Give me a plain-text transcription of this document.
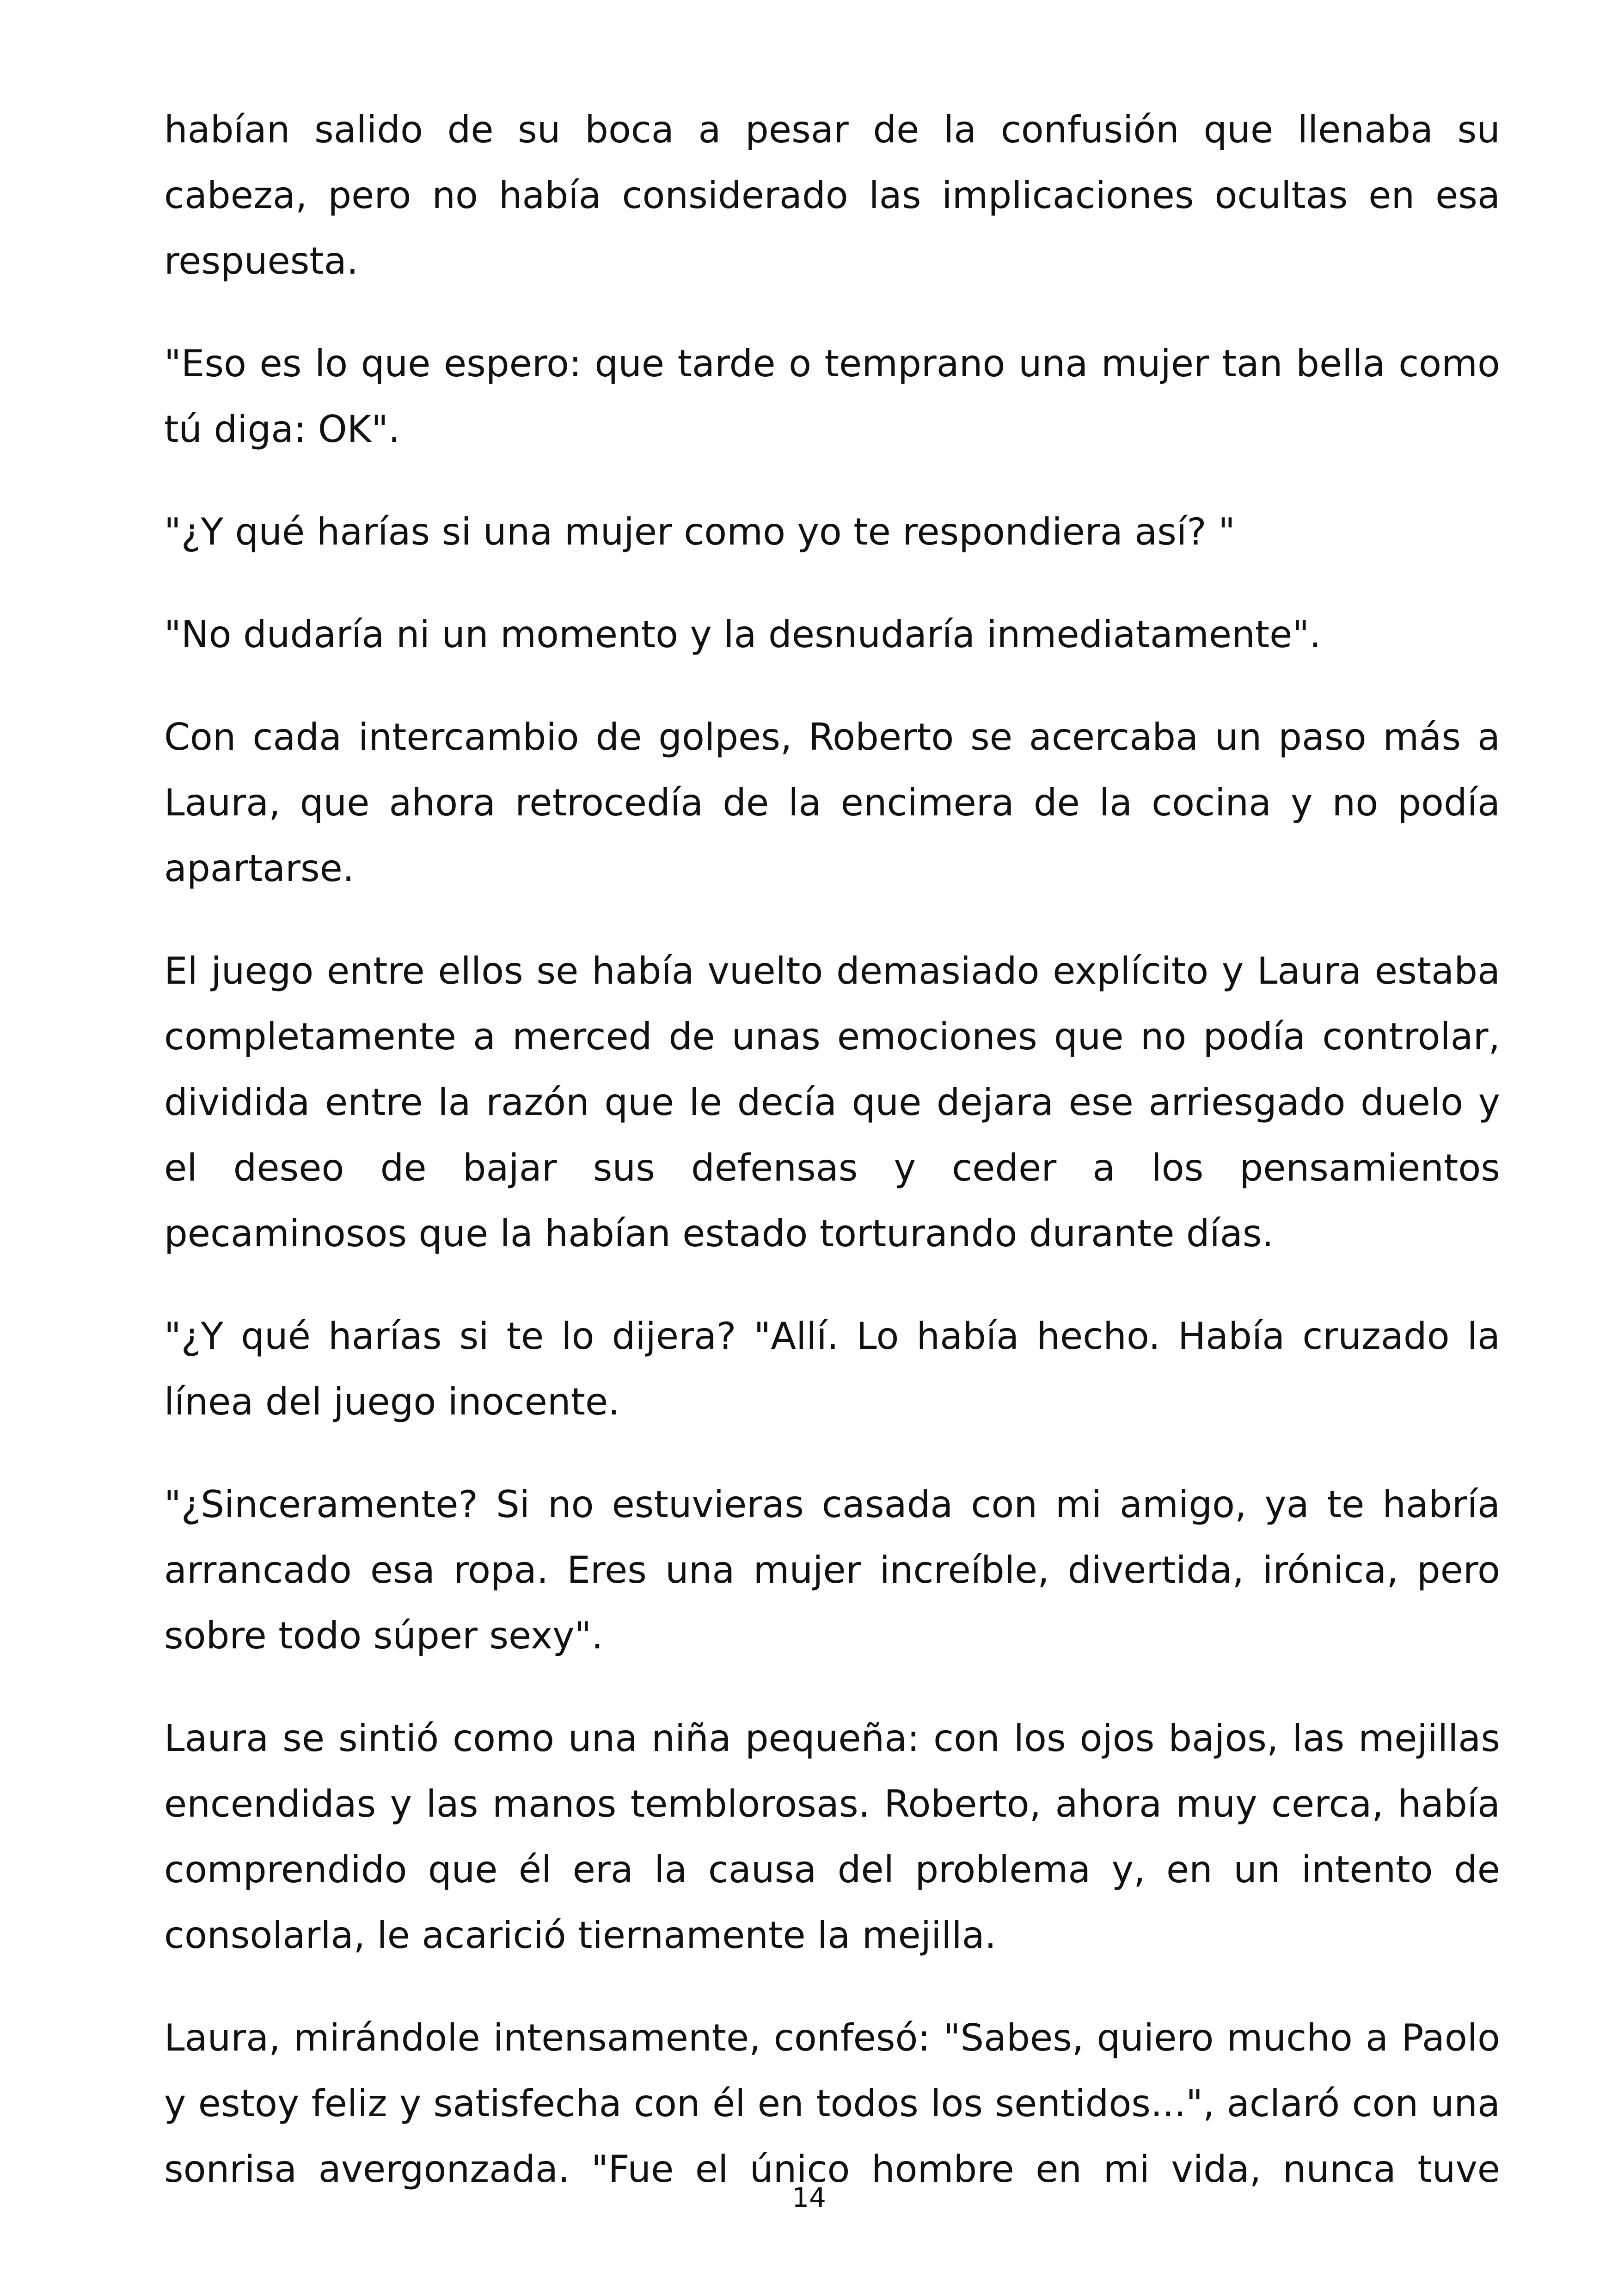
habían salido de su boca a pesar de la confusión que llenaba su cabeza, pero no había considerado las implicaciones ocultas en esa respuesta.

"Eso es lo que espero: que tarde o temprano una mujer tan bella como tú diga: OK".

"¿Y qué harías si una mujer como yo te respondiera así? "

"No dudaría ni un momento y la desnudaría inmediatamente".

Con cada intercambio de golpes, Roberto se acercaba un paso más a Laura, que ahora retrocedía de la encimera de la cocina y no podía apartarse.

El juego entre ellos se había vuelto demasiado explícito y Laura estaba completamente a merced de unas emociones que no podía controlar, dividida entre la razón que le decía que dejara ese arriesgado duelo y el deseo de bajar sus defensas y ceder a los pensamientos pecaminosos que la habían estado torturando durante días.

"¿Y qué harías si te lo dijera? "Allí. Lo había hecho. Había cruzado la línea del juego inocente.

"¿Sinceramente? Si no estuvieras casada con mi amigo, ya te habría arrancado esa ropa. Eres una mujer increíble, divertida, irónica, pero sobre todo súper sexy".

Laura se sintió como una niña pequeña: con los ojos bajos, las mejillas encendidas y las manos temblorosas. Roberto, ahora muy cerca, había comprendido que él era la causa del problema y, en un intento de consolarla, le acarició tiernamente la mejilla.

Laura, mirándole intensamente, confesó: "Sabes, quiero mucho a Paolo y estoy feliz y satisfecha con él en todos los sentidos...", aclaró con una sonrisa avergonzada. "Fue el único hombre en mi vida, nunca tuve

14
